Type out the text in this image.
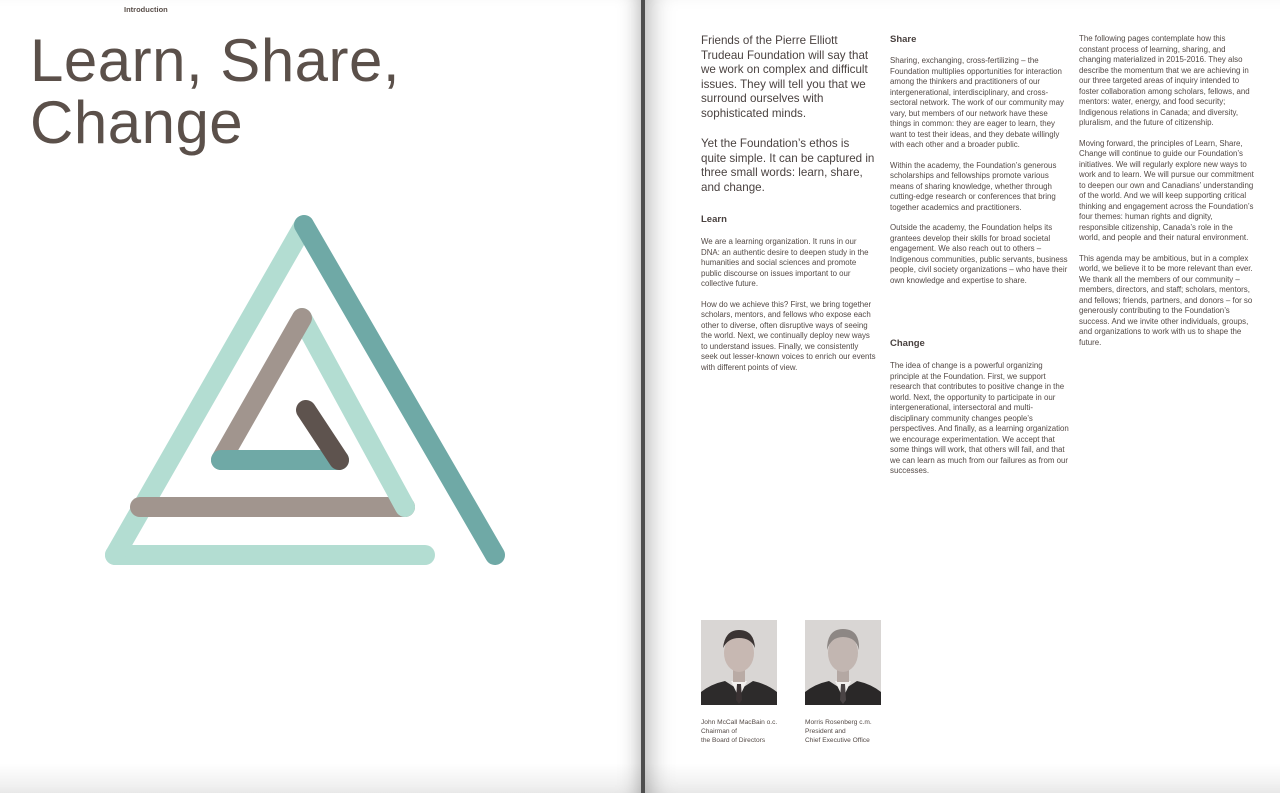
Introduction
Learn, Share,
Change
Friends of the Pierre Elliott Trudeau Foundation will say that we work on complex and difficult issues. They will tell you that we surround ourselves with sophisticated minds.
Yet the Foundation’s ethos is quite simple. It can be captured in three small words: learn, share, and change.
Learn

We are a learning organization. It runs in our DNA: an authentic desire to deepen study in the humanities and social sciences and promote public discourse on issues important to our collective future.

How do we achieve this? First, we bring together scholars, mentors, and fellows who expose each other to diverse, often disruptive ways of seeing the world. Next, we continually deploy new ways to understand issues. Finally, we consistently seek out lesser-known voices to enrich our events with different points of view.

Share

Sharing, exchanging, cross-fertilizing – the Foundation multiplies opportunities for interaction among the thinkers and practitioners of our intergenerational, interdisciplinary, and cross-sectoral network. The work of our community may vary, but members of our network have these things in common: they are eager to learn, they want to test their ideas, and they debate willingly with each other and a broader public.

Within the academy, the Foundation’s generous scholarships and fellowships promote various means of sharing knowledge, whether through cutting-edge research or conferences that bring together academics and practitioners.

Outside the academy, the Foundation helps its grantees develop their skills for broad societal engagement. We also reach out to others – Indigenous communities, public servants, business people, civil society organizations – who have their own knowledge and expertise to share.

Change

The idea of change is a powerful organizing principle at the Foundation. First, we support research that contributes to positive change in the world. Next, the opportunity to participate in our intergenerational, intersectoral and multi-disciplinary community changes people’s perspectives. And finally, as a learning organization we encourage experimentation. We accept that some things will work, that others will fail, and that we can learn as much from our failures as from our successes.

The following pages contemplate how this constant process of learning, sharing, and changing materialized in 2015-2016. They also describe the momentum that we are achieving in our three targeted areas of inquiry intended to foster collaboration among scholars, fellows, and mentors: water, energy, and food security; Indigenous relations in Canada; and diversity, pluralism, and the future of citizenship.

Moving forward, the principles of Learn, Share, Change will continue to guide our Foundation’s initiatives. We will regularly explore new ways to work and to learn. We will pursue our commitment to deepen our own and Canadians’ understanding of the world. And we will keep supporting critical thinking and engagement across the Foundation’s four themes: human rights and dignity, responsible citizenship, Canada’s role in the world, and people and their natural environment.

This agenda may be ambitious, but in a complex world, we believe it to be more relevant than ever. We thank all the members of our community – members, directors, and staff; scholars, mentors, and fellows; friends, partners, and donors – for so generously contributing to the Foundation’s success. And we invite other individuals, groups, and organizations to work with us to shape the future.

John McCall MacBain o.c.
Chairman of
the Board of Directors
Morris Rosenberg c.m.
President and
Chief Executive Office
